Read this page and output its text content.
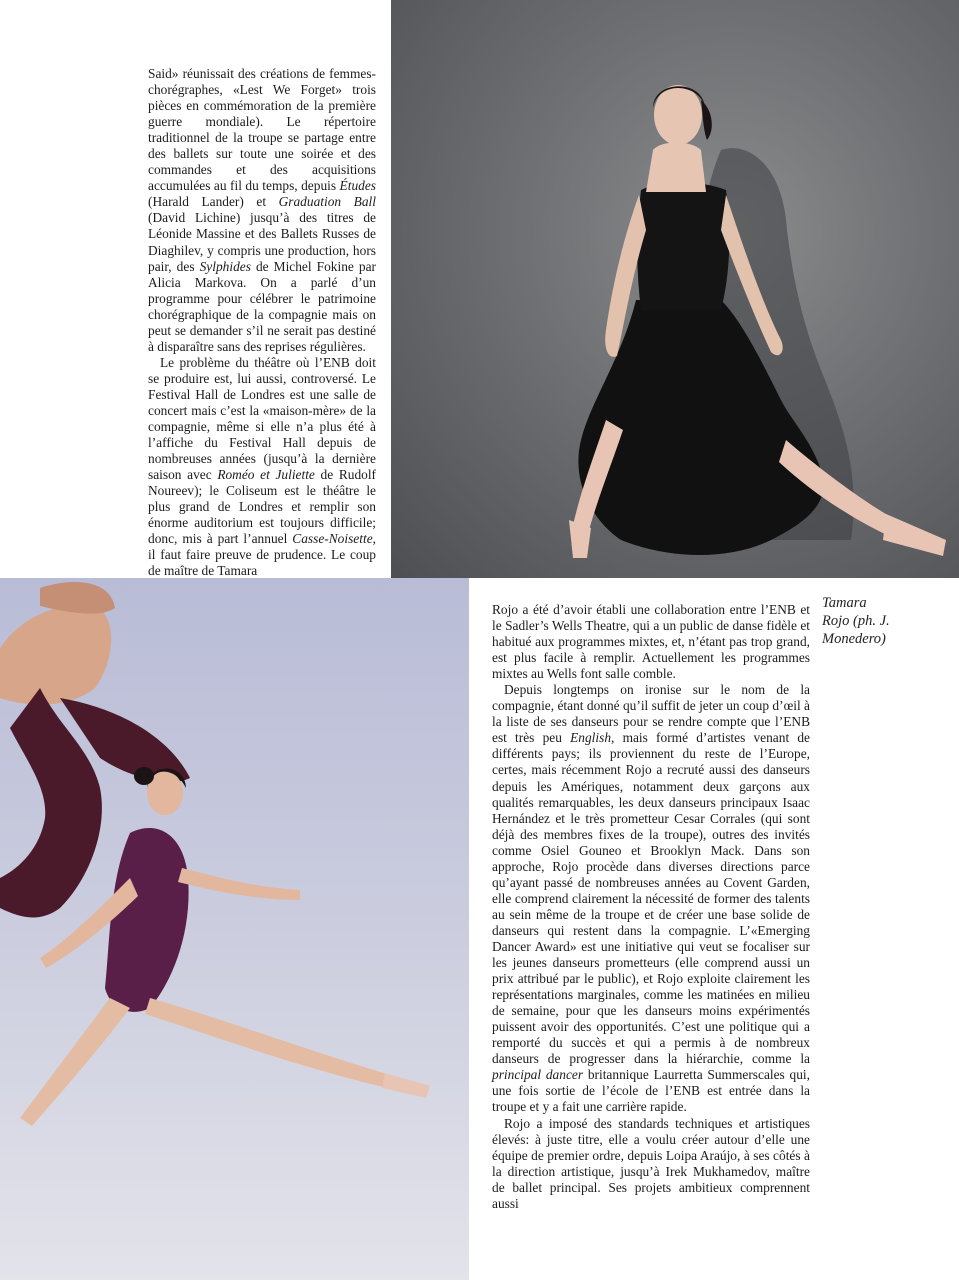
Said» réunissait des créations de femmes-chorégraphes, «Lest We Forget» trois pièces en commémoration de la première guerre mondiale). Le répertoire traditionnel de la troupe se partage entre des ballets sur toute une soirée et des commandes et des acquisitions accumulées au fil du temps, depuis Études (Harald Lander) et Graduation Ball (David Lichine) jusqu’à des titres de Léonide Massine et des Ballets Russes de Diaghilev, y compris une production, hors pair, des Sylphides de Michel Fokine par Alicia Markova. On a parlé d’un programme pour célébrer le patrimoine chorégraphique de la compagnie mais on peut se demander s’il ne serait pas destiné à disparaître sans des reprises régulières.

Le problème du théâtre où l’ENB doit se produire est, lui aussi, controversé. Le Festival Hall de Londres est une salle de concert mais c’est la «maison-mère» de la compagnie, même si elle n’a plus été à l’affiche du Festival Hall depuis de nombreuses années (jusqu’à la dernière saison avec Roméo et Juliette de Rudolf Noureev); le Coliseum est le théâtre le plus grand de Londres et remplir son énorme auditorium est toujours difficile; donc, mis à part l’annuel Casse-Noisette, il faut faire preuve de prudence. Le coup de maître de Tamara

Tamara
Rojo (ph. J.
Monedero)

Rojo a été d’avoir établi une collaboration entre l’ENB et le Sadler’s Wells Theatre, qui a un public de danse fidèle et habitué aux programmes mixtes, et, n’étant pas trop grand, est plus facile à remplir. Actuellement les programmes mixtes au Wells font salle comble.

Depuis longtemps on ironise sur le nom de la compagnie, étant donné qu’il suffit de jeter un coup d’œil à la liste de ses danseurs pour se rendre compte que l’ENB est très peu English, mais formé d’artistes venant de différents pays; ils proviennent du reste de l’Europe, certes, mais récemment Rojo a recruté aussi des danseurs depuis les Amériques, notamment deux garçons aux qualités remarquables, les deux danseurs principaux Isaac Hernández et le très prometteur Cesar Corrales (qui sont déjà des membres fixes de la troupe), outres des invités comme Osiel Gouneo et Brooklyn Mack. Dans son approche, Rojo procède dans diverses directions parce qu’ayant passé de nombreuses années au Covent Garden, elle comprend clairement la nécessité de former des talents au sein même de la troupe et de créer une base solide de danseurs qui restent dans la compagnie. L’«Emerging Dancer Award» est une initiative qui veut se focaliser sur les jeunes danseurs prometteurs (elle comprend aussi un prix attribué par le public), et Rojo exploite clairement les représentations marginales, comme les matinées en milieu de semaine, pour que les danseurs moins expérimentés puissent avoir des opportunités. C’est une politique qui a remporté du succès et qui a permis à de nombreux danseurs de progresser dans la hiérarchie, comme la principal dancer britannique Laurretta Summerscales qui, une fois sortie de l’école de l’ENB est entrée dans la troupe et y a fait une carrière rapide.

Rojo a imposé des standards techniques et artistiques élevés: à juste titre, elle a voulu créer autour d’elle une équipe de premier ordre, depuis Loipa Araújo, à ses côtés à la direction artistique, jusqu’à Irek Mukhamedov, maître de ballet principal. Ses projets ambitieux comprennent aussi
